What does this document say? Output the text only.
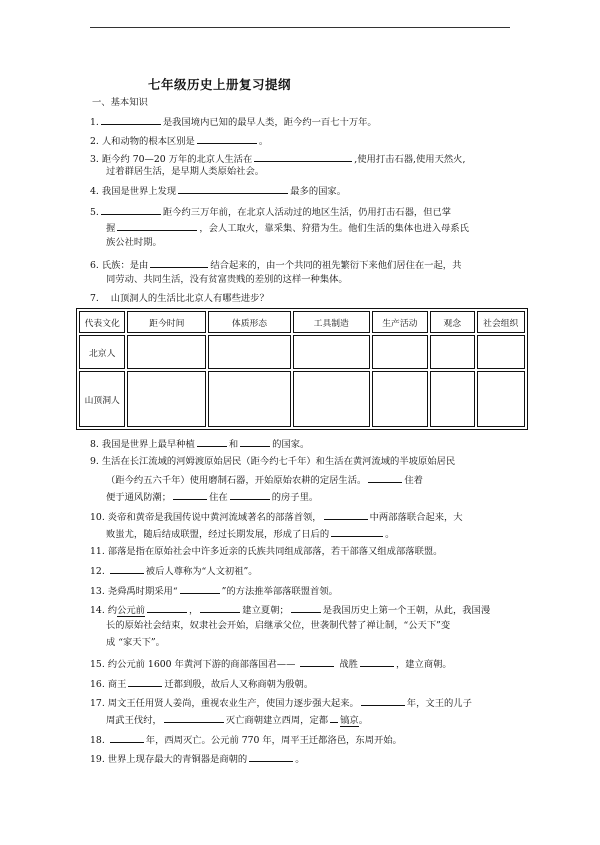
七年级历史上册复习提纲
一、基本知识
1.	是我国境内已知的最早人类，距今约一百七十万年。
2. 人和动物的根本区别是	。
3. 距今约 70—20 万年的北京人生活在	,使用打击石器,使用天然火,
过着群居生活，是早期人类原始社会。
4. 我国是世界上发现	最多的国家。
5.	距今约三万年前，在北京人活动过的地区生活，仍用打击石器，但已掌
握	，会人工取火，靠采集、狩猎为生。他们生活的集体也进入母系氏
族公社时期。
6. 氏族：是由	结合起来的，由一个共同的祖先繁衍下来他们居住在一起，共
同劳动、共同生活，没有贫富贵贱的差别的这样一种集体。
7. 山顶洞人的生活比北京人有哪些进步？
代表文化	距今时间	体质形态	工具制造	生产活动	观念	社会组织
北京人						
山顶洞人						
8. 我国是世界上最早种植	和	的国家。
9. 生活在长江流域的河姆渡原始居民（距今约七千年）和生活在黄河流域的半坡原始居民
（距今约五六千年）使用磨制石器，开始原始农耕的定居生活。	住着
便于通风防潮；	住在	的房子里。
10. 炎帝和黄帝是我国传说中黄河流域著名的部落首领，	中两部落联合起来，大
败蚩尤，随后结成联盟，经过长期发展，形成了日后的	。
11. 部落是指在原始社会中许多近亲的氏族共同组成部落，若干部落又组成部落联盟。
12.	被后人尊称为“人文初祖”。
13. 尧舜禹时期采用“	”的方法推举部落联盟首领。
14. 约公元前	，	建立夏朝；	是我国历史上第一个王朝，从此，我国漫
长的原始社会结束，奴隶社会开始，启继承父位，世袭制代替了禅让制，“公天下”变
成 “家天下”。
15. 约公元前 1600 年黄河下游的商部落国君——	战胜	，建立商朝。
16. 商王	迁都到殷，故后人又称商朝为殷朝。
17. 周文王任用贤人姜尚，重视农业生产，使国力逐步强大起来。	年，文王的儿子
周武王伐纣，	灭亡商朝建立西周，定都 镐京。
18.	年，西周灭亡。公元前 770 年，周平王迁都洛邑，东周开始。
19. 世界上现存最大的青铜器是商朝的	。
